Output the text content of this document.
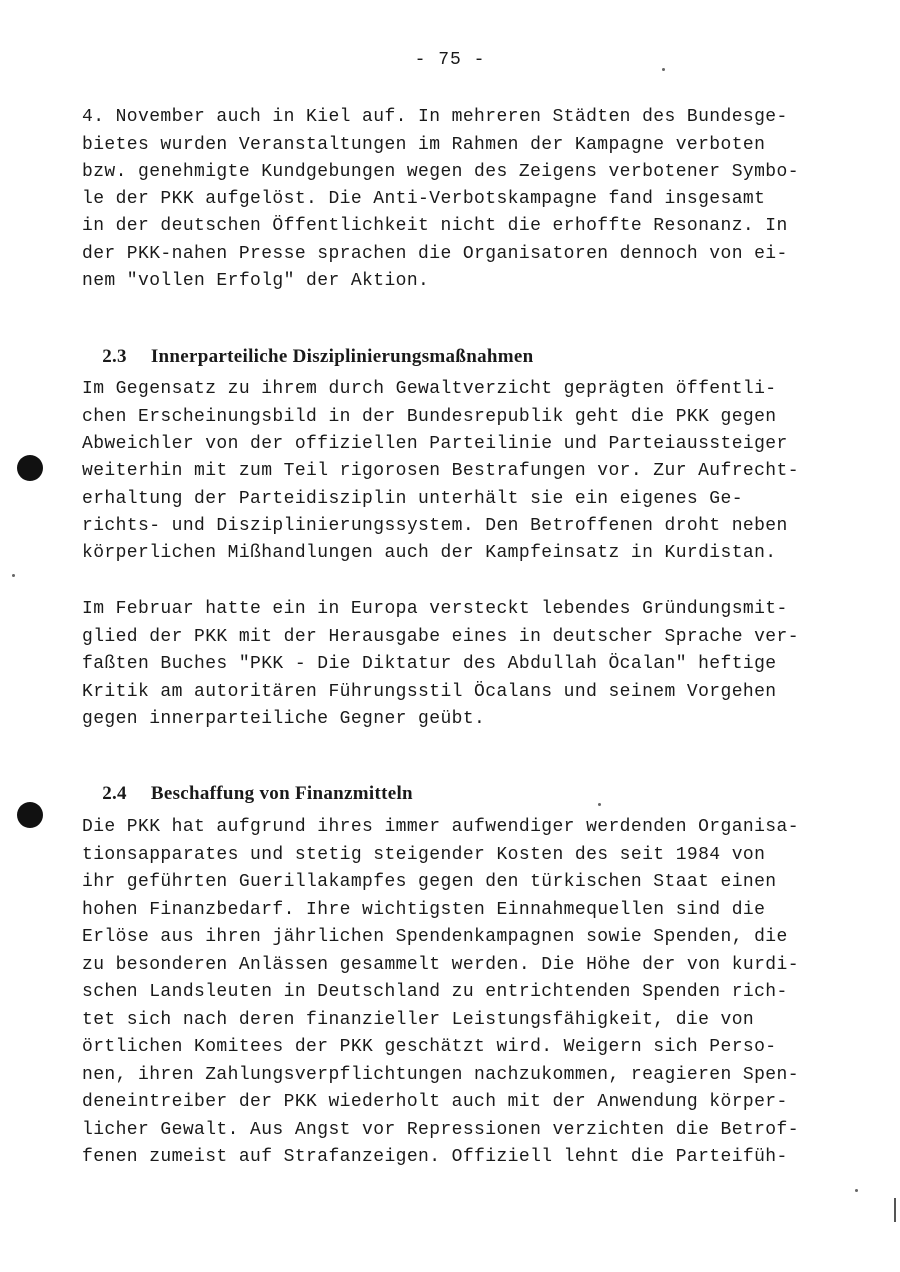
- 75 -
4. November auch in Kiel auf. In mehreren Städten des Bundesge-
bietes wurden Veranstaltungen im Rahmen der Kampagne verboten
bzw. genehmigte Kundgebungen wegen des Zeigens verbotener Symbo-
le der PKK aufgelöst. Die Anti-Verbotskampagne fand insgesamt
in der deutschen Öffentlichkeit nicht die erhoffte Resonanz. In
der PKK-nahen Presse sprachen die Organisatoren dennoch von ei-
nem "vollen Erfolg" der Aktion.

2.3 Innerparteiliche Disziplinierungsmaßnahmen

Im Gegensatz zu ihrem durch Gewaltverzicht geprägten öffentli-
chen Erscheinungsbild in der Bundesrepublik geht die PKK gegen
Abweichler von der offiziellen Parteilinie und Parteiaussteiger
weiterhin mit zum Teil rigorosen Bestrafungen vor. Zur Aufrecht-
erhaltung der Parteidisziplin unterhält sie ein eigenes Ge-
richts- und Disziplinierungssystem. Den Betroffenen droht neben
körperlichen Mißhandlungen auch der Kampfeinsatz in Kurdistan.
Im Februar hatte ein in Europa versteckt lebendes Gründungsmit-
glied der PKK mit der Herausgabe eines in deutscher Sprache ver-
faßten Buches "PKK - Die Diktatur des Abdullah Öcalan" heftige
Kritik am autoritären Führungsstil Öcalans und seinem Vorgehen
gegen innerparteiliche Gegner geübt.

2.4 Beschaffung von Finanzmitteln

Die PKK hat aufgrund ihres immer aufwendiger werdenden Organisa-
tionsapparates und stetig steigender Kosten des seit 1984 von
ihr geführten Guerillakampfes gegen den türkischen Staat einen
hohen Finanzbedarf. Ihre wichtigsten Einnahmequellen sind die
Erlöse aus ihren jährlichen Spendenkampagnen sowie Spenden, die
zu besonderen Anlässen gesammelt werden. Die Höhe der von kurdi-
schen Landsleuten in Deutschland zu entrichtenden Spenden rich-
tet sich nach deren finanzieller Leistungsfähigkeit, die von
örtlichen Komitees der PKK geschätzt wird. Weigern sich Perso-
nen, ihren Zahlungsverpflichtungen nachzukommen, reagieren Spen-
deneintreiber der PKK wiederholt auch mit der Anwendung körper-
licher Gewalt. Aus Angst vor Repressionen verzichten die Betrof-
fenen zumeist auf Strafanzeigen. Offiziell lehnt die Parteifüh-
